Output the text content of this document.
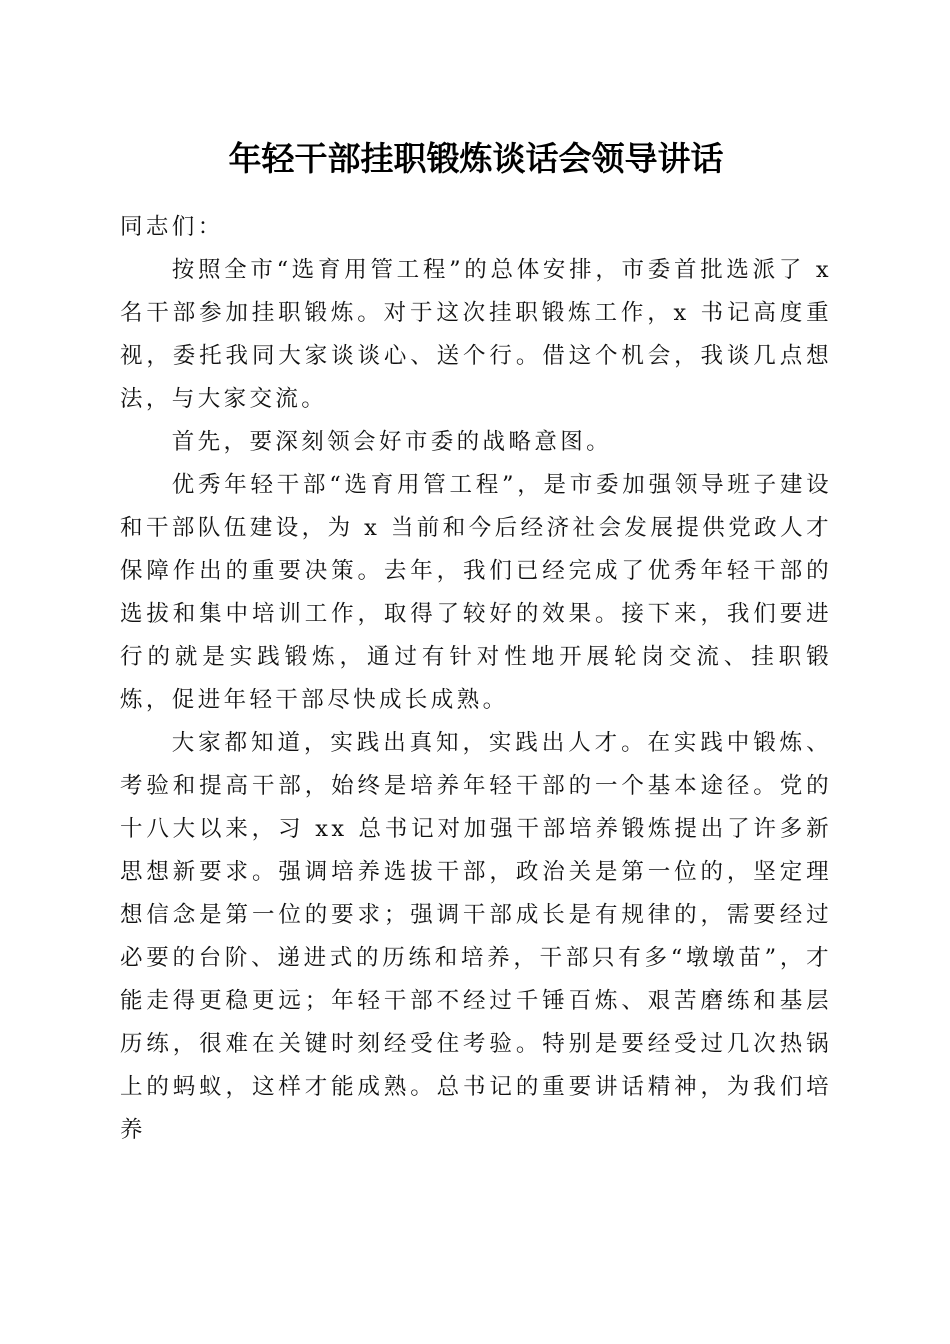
年轻干部挂职锻炼谈话会领导讲话

同志们：

按照全市“选育用管工程”的总体安排，市委首批选派了 x 名干部参加挂职锻炼。对于这次挂职锻炼工作，x 书记高度重视，委托我同大家谈谈心、送个行。借这个机会，我谈几点想法，与大家交流。

首先，要深刻领会好市委的战略意图。

优秀年轻干部“选育用管工程”，是市委加强领导班子建设和干部队伍建设，为 x 当前和今后经济社会发展提供党政人才保障作出的重要决策。去年，我们已经完成了优秀年轻干部的选拔和集中培训工作，取得了较好的效果。接下来，我们要进行的就是实践锻炼，通过有针对性地开展轮岗交流、挂职锻炼，促进年轻干部尽快成长成熟。

大家都知道，实践出真知，实践出人才。在实践中锻炼、考验和提高干部，始终是培养年轻干部的一个基本途径。党的十八大以来，习 xx 总书记对加强干部培养锻炼提出了许多新思想新要求。强调培养选拔干部，政治关是第一位的，坚定理想信念是第一位的要求；强调干部成长是有规律的，需要经过必要的台阶、递进式的历练和培养，干部只有多“墩墩苗”，才能走得更稳更远；年轻干部不经过千锤百炼、艰苦磨练和基层历练，很难在关键时刻经受住考验。特别是要经受过几次热锅上的蚂蚁，这样才能成熟。总书记的重要讲话精神，为我们培养
